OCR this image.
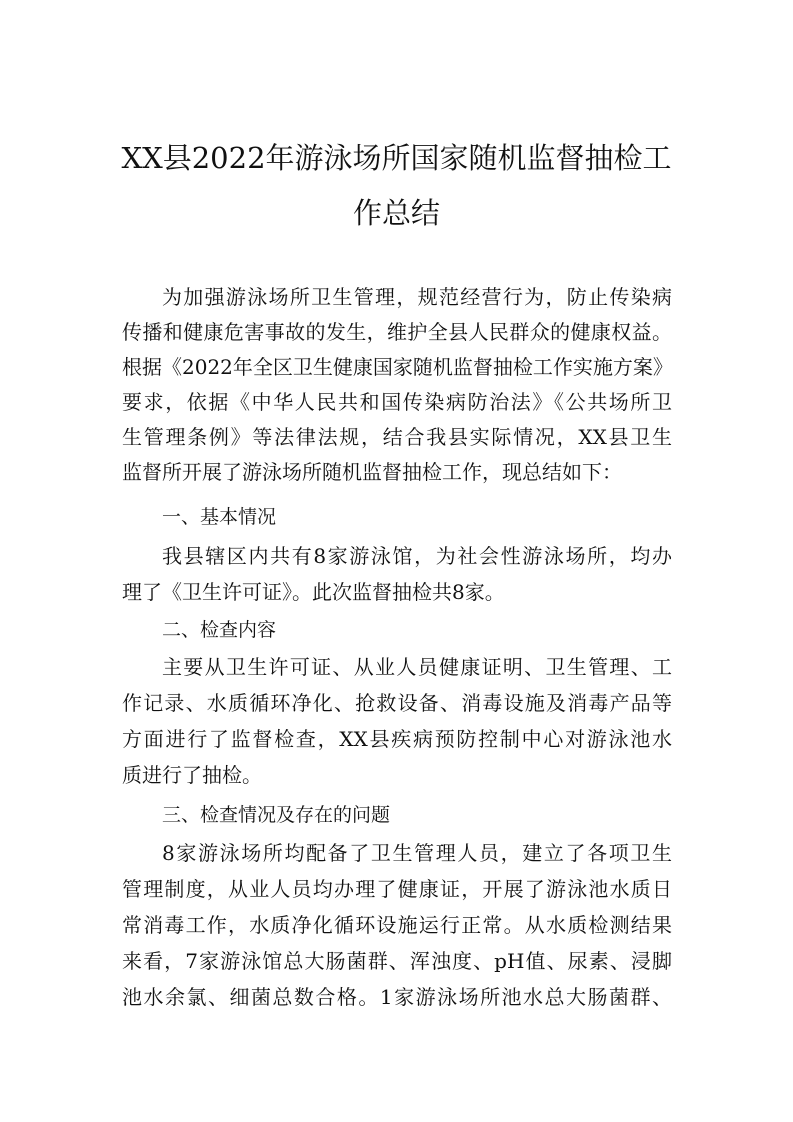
XX县2022年游泳场所国家随机监督抽检工
作总结
为加强游泳场所卫生管理，规范经营行为，防止传染病
传播和健康危害事故的发生，维护全县人民群众的健康权益。
根据《2022年全区卫生健康国家随机监督抽检工作实施方案》
要求，依据《中华人民共和国传染病防治法》《公共场所卫
生管理条例》等法律法规，结合我县实际情况，XX县卫生
监督所开展了游泳场所随机监督抽检工作，现总结如下：
一、基本情况
我县辖区内共有8家游泳馆，为社会性游泳场所，均办
理了《卫生许可证》。此次监督抽检共8家。
二、检查内容
主要从卫生许可证、从业人员健康证明、卫生管理、工
作记录、水质循环净化、抢救设备、消毒设施及消毒产品等
方面进行了监督检查，XX县疾病预防控制中心对游泳池水
质进行了抽检。
三、检查情况及存在的问题
8家游泳场所均配备了卫生管理人员，建立了各项卫生
管理制度，从业人员均办理了健康证，开展了游泳池水质日
常消毒工作，水质净化循环设施运行正常。从水质检测结果
来看，7家游泳馆总大肠菌群、浑浊度、pH值、尿素、浸脚
池水余氯、细菌总数合格。1家游泳场所池水总大肠菌群、
